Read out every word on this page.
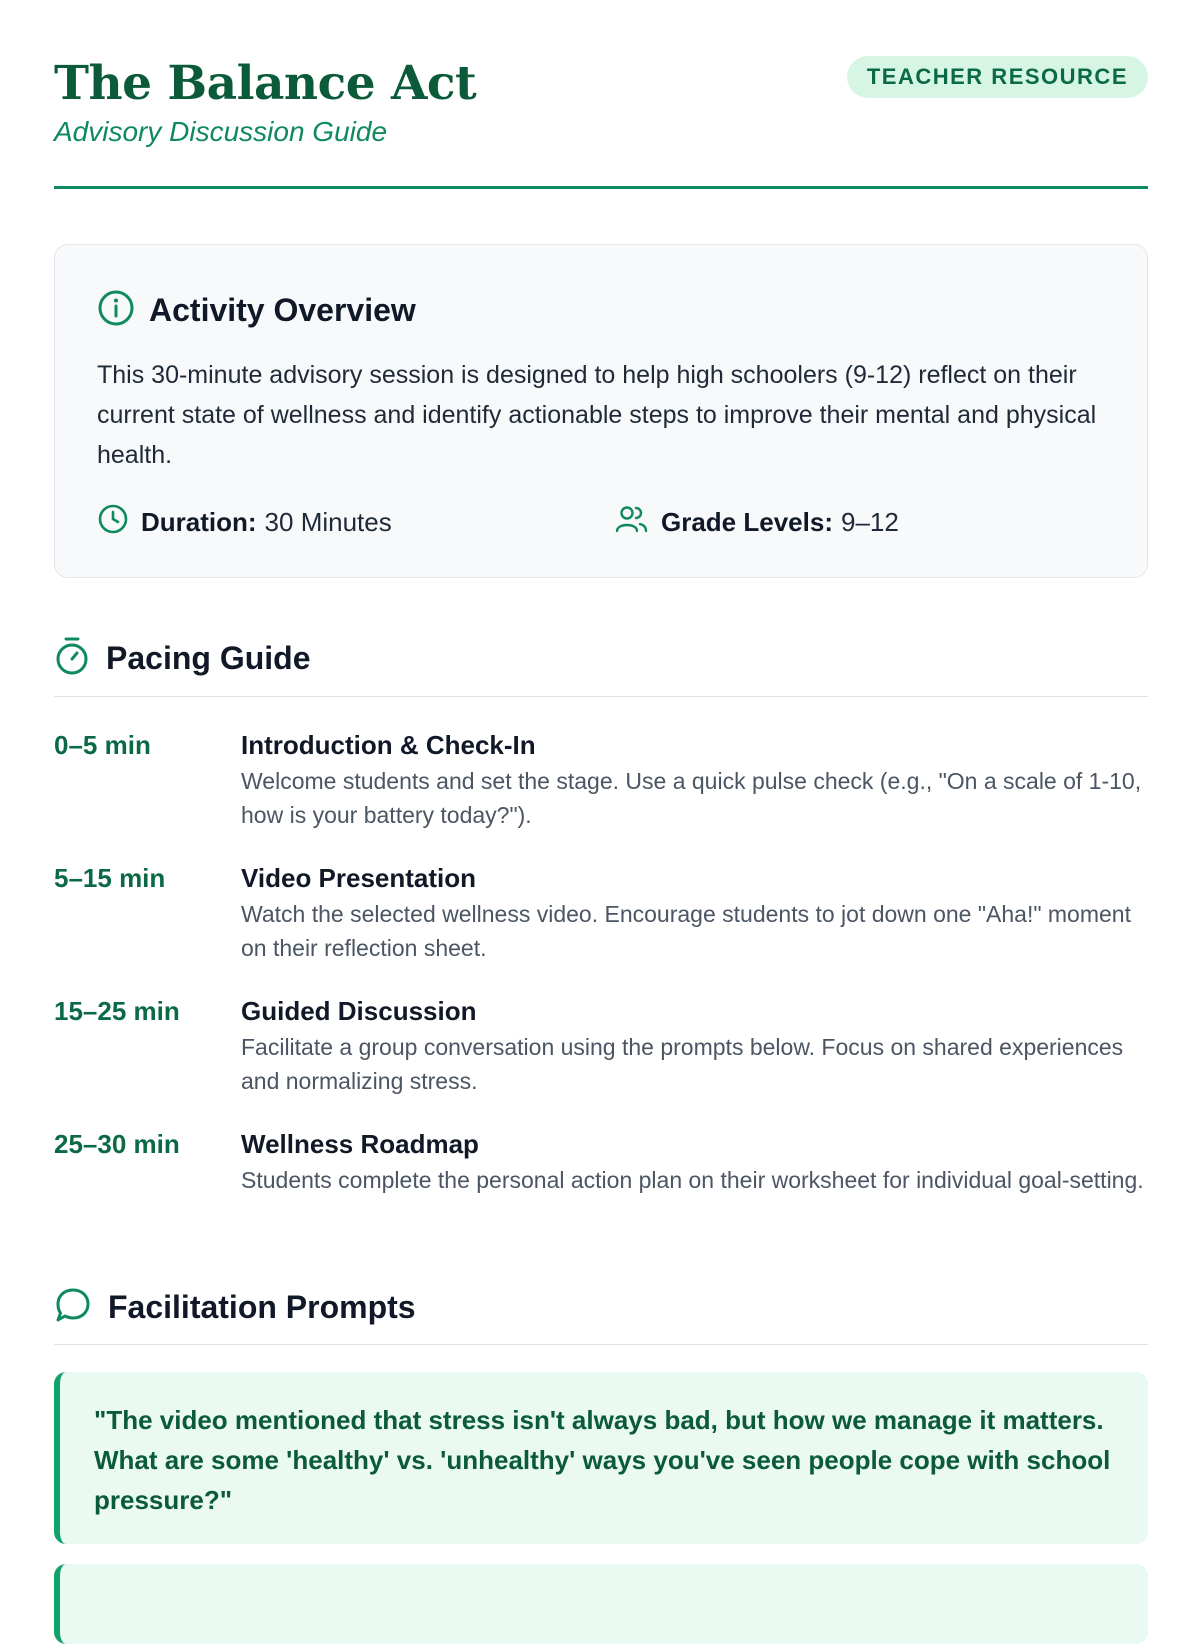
The Balance Act
Advisory Discussion Guide
TEACHER RESOURCE
Activity Overview
This 30-minute advisory session is designed to help high schoolers (9-12) reflect on their current state of wellness and identify actionable steps to improve their mental and physical health.
Duration: 30 Minutes	Grade Levels: 9–12
Pacing Guide
0–5 min	Introduction & Check-In
Welcome students and set the stage. Use a quick pulse check (e.g., "On a scale of 1-10, how is your battery today?").
5–15 min	Video Presentation
Watch the selected wellness video. Encourage students to jot down one "Aha!" moment on their reflection sheet.
15–25 min Guided Discussion
Facilitate a group conversation using the prompts below. Focus on shared experiences and normalizing stress.
25–30 min Wellness Roadmap
Students complete the personal action plan on their worksheet for individual goal-setting.
Facilitation Prompts
"The video mentioned that stress isn't always bad, but how we manage it matters. What are some 'healthy' vs. 'unhealthy' ways you've seen people cope with school pressure?"
